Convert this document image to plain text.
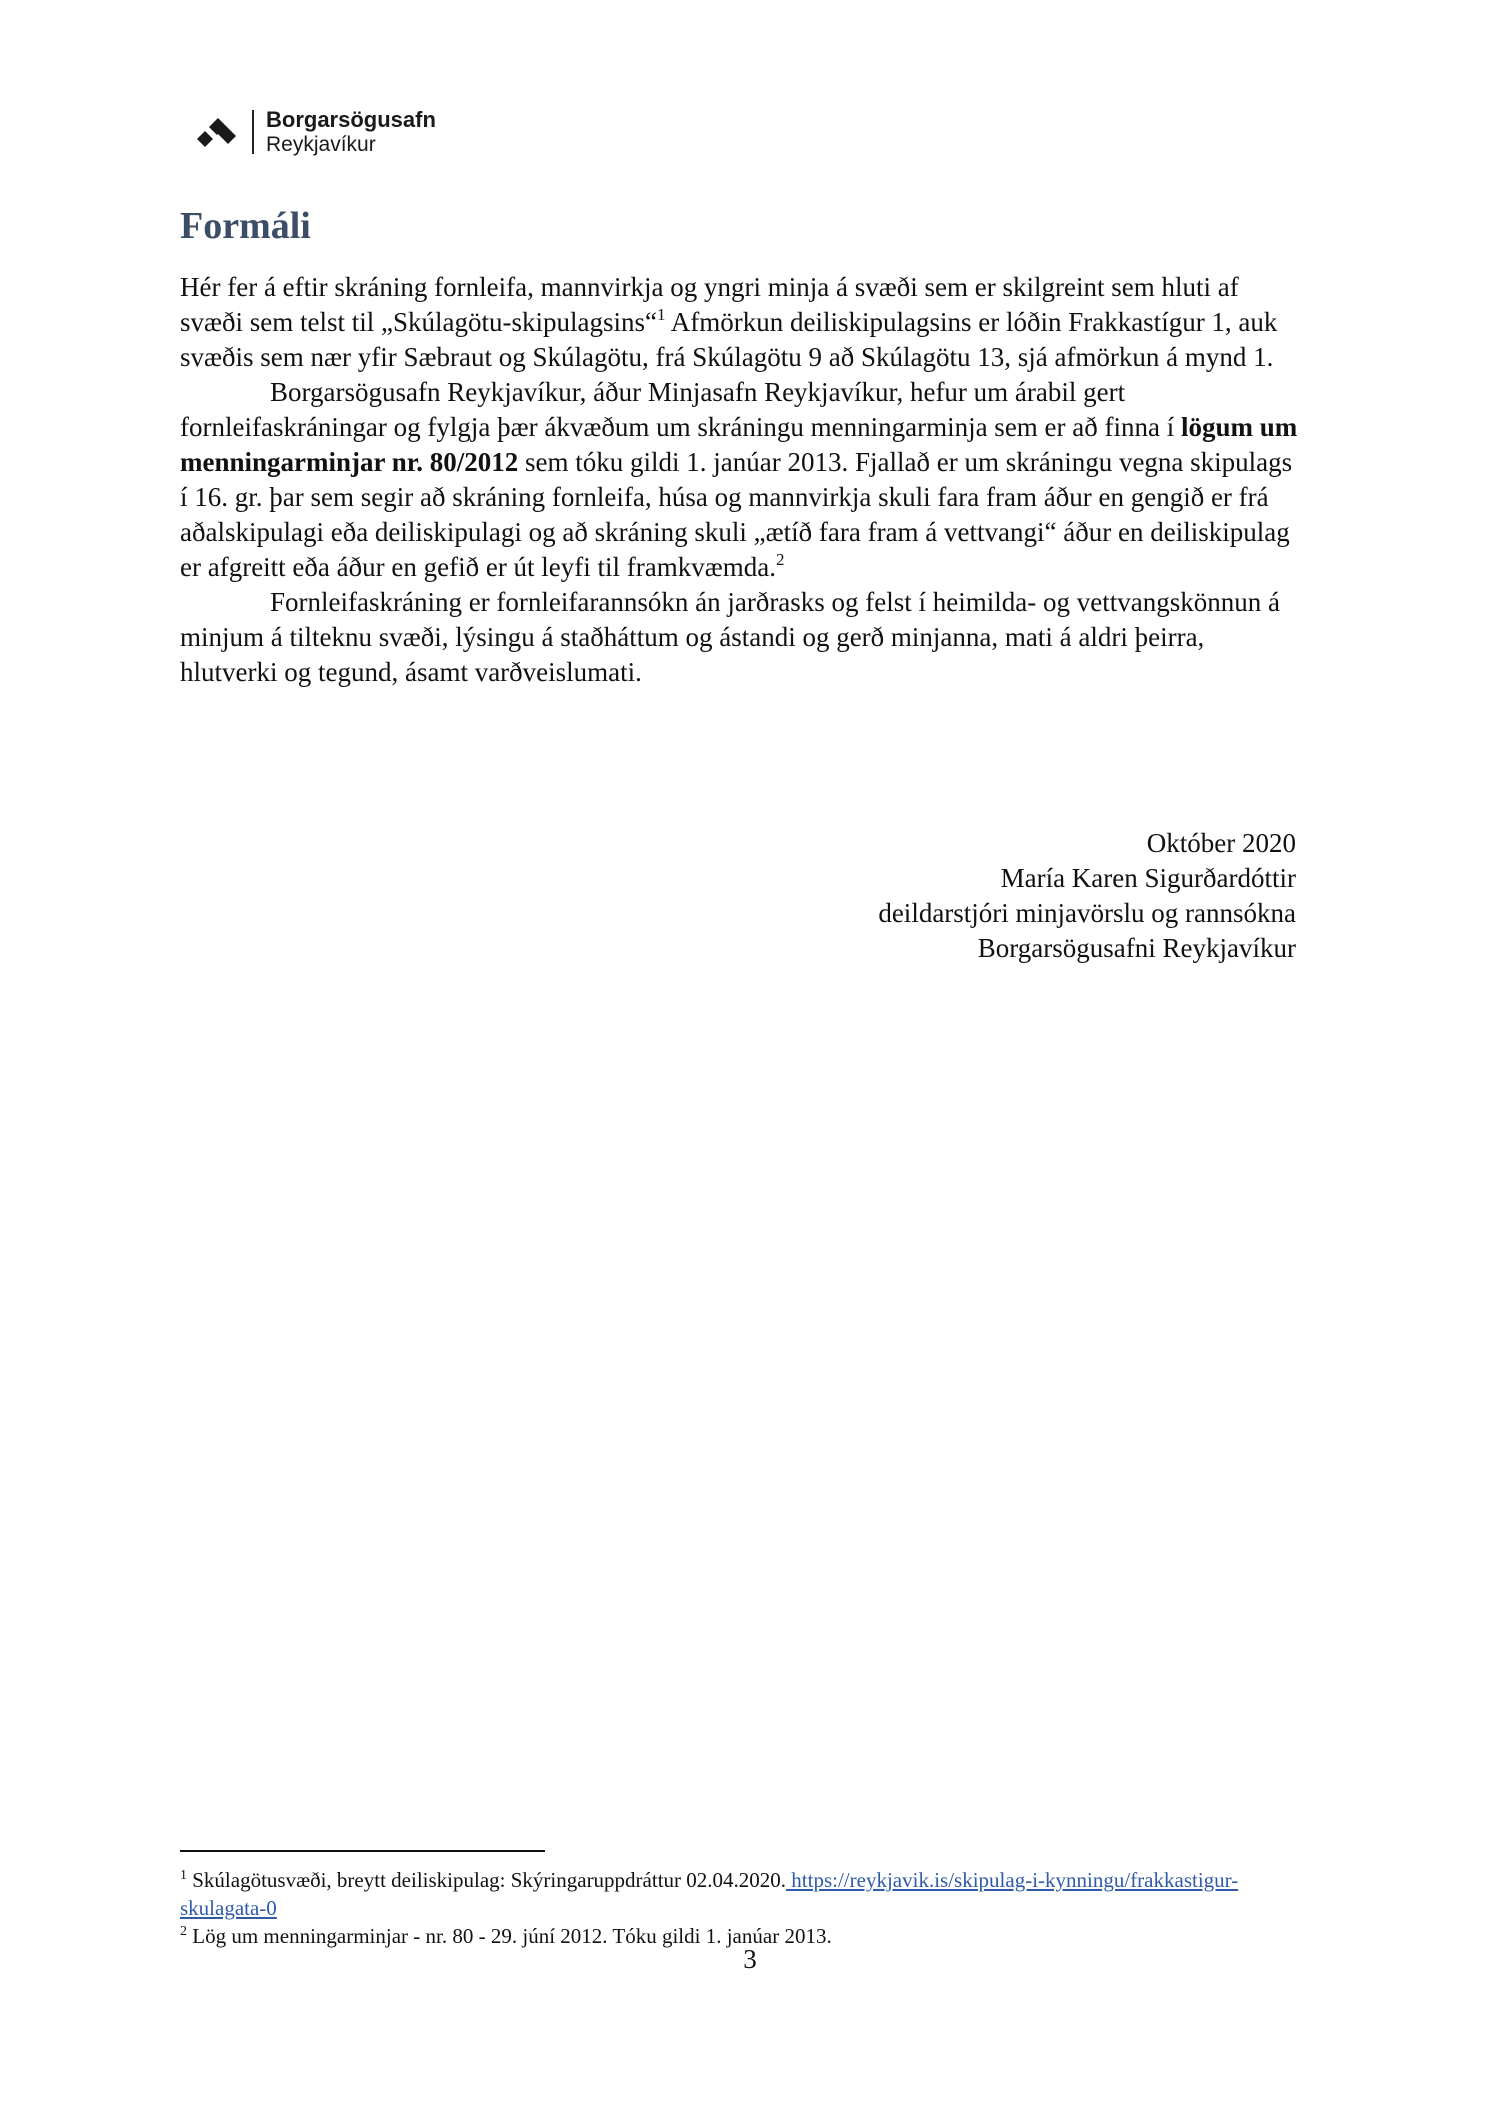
Borgarsögusafn
Reykjavíkur
Formáli

Hér fer á eftir skráning fornleifa, mannvirkja og yngri minja á svæði sem er skilgreint sem hluti af svæði sem telst til „Skúlagötu-skipulagsins“$^1$ Afmörkun deiliskipulagsins er lóðin Frakkastígur 1, auk svæðis sem nær yfir Sæbraut og Skúlagötu, frá Skúlagötu 9 að Skúlagötu 13, sjá afmörkun á mynd 1.

Borgarsögusafn Reykjavíkur, áður Minjasafn Reykjavíkur, hefur um árabil gert fornleifaskráningar og fylgja þær ákvæðum um skráningu menningarminja sem er að finna í lögum um menningarminjar nr. 80/2012 sem tóku gildi 1. janúar 2013. Fjallað er um skráningu vegna skipulags í 16. gr. þar sem segir að skráning fornleifa, húsa og mannvirkja skuli fara fram áður en gengið er frá aðalskipulagi eða deiliskipulagi og að skráning skuli „ætíð fara fram á vettvangi“ áður en deiliskipulag er afgreitt eða áður en gefið er út leyfi til framkvæmda.$^2$

Fornleifaskráning er fornleifarannsókn án jarðrasks og felst í heimilda- og vettvangskönnun á minjum á tilteknu svæði, lýsingu á staðháttum og ástandi og gerð minjanna, mati á aldri þeirra, hlutverki og tegund, ásamt varðveislumati.

Október 2020
María Karen Sigurðardóttir
deildarstjóri minjavörslu og rannsókna
Borgarsögusafni Reykjavíkur

$^1$ Skúlagötusvæði, breytt deiliskipulag: Skýringaruppdráttur 02.04.2020. https://reykjavik.is/skipulag-i-kynningu/frakkastigur-skulagata-0

$^2$ Lög um menningarminjar - nr. 80 - 29. júní 2012. Tóku gildi 1. janúar 2013.

3
